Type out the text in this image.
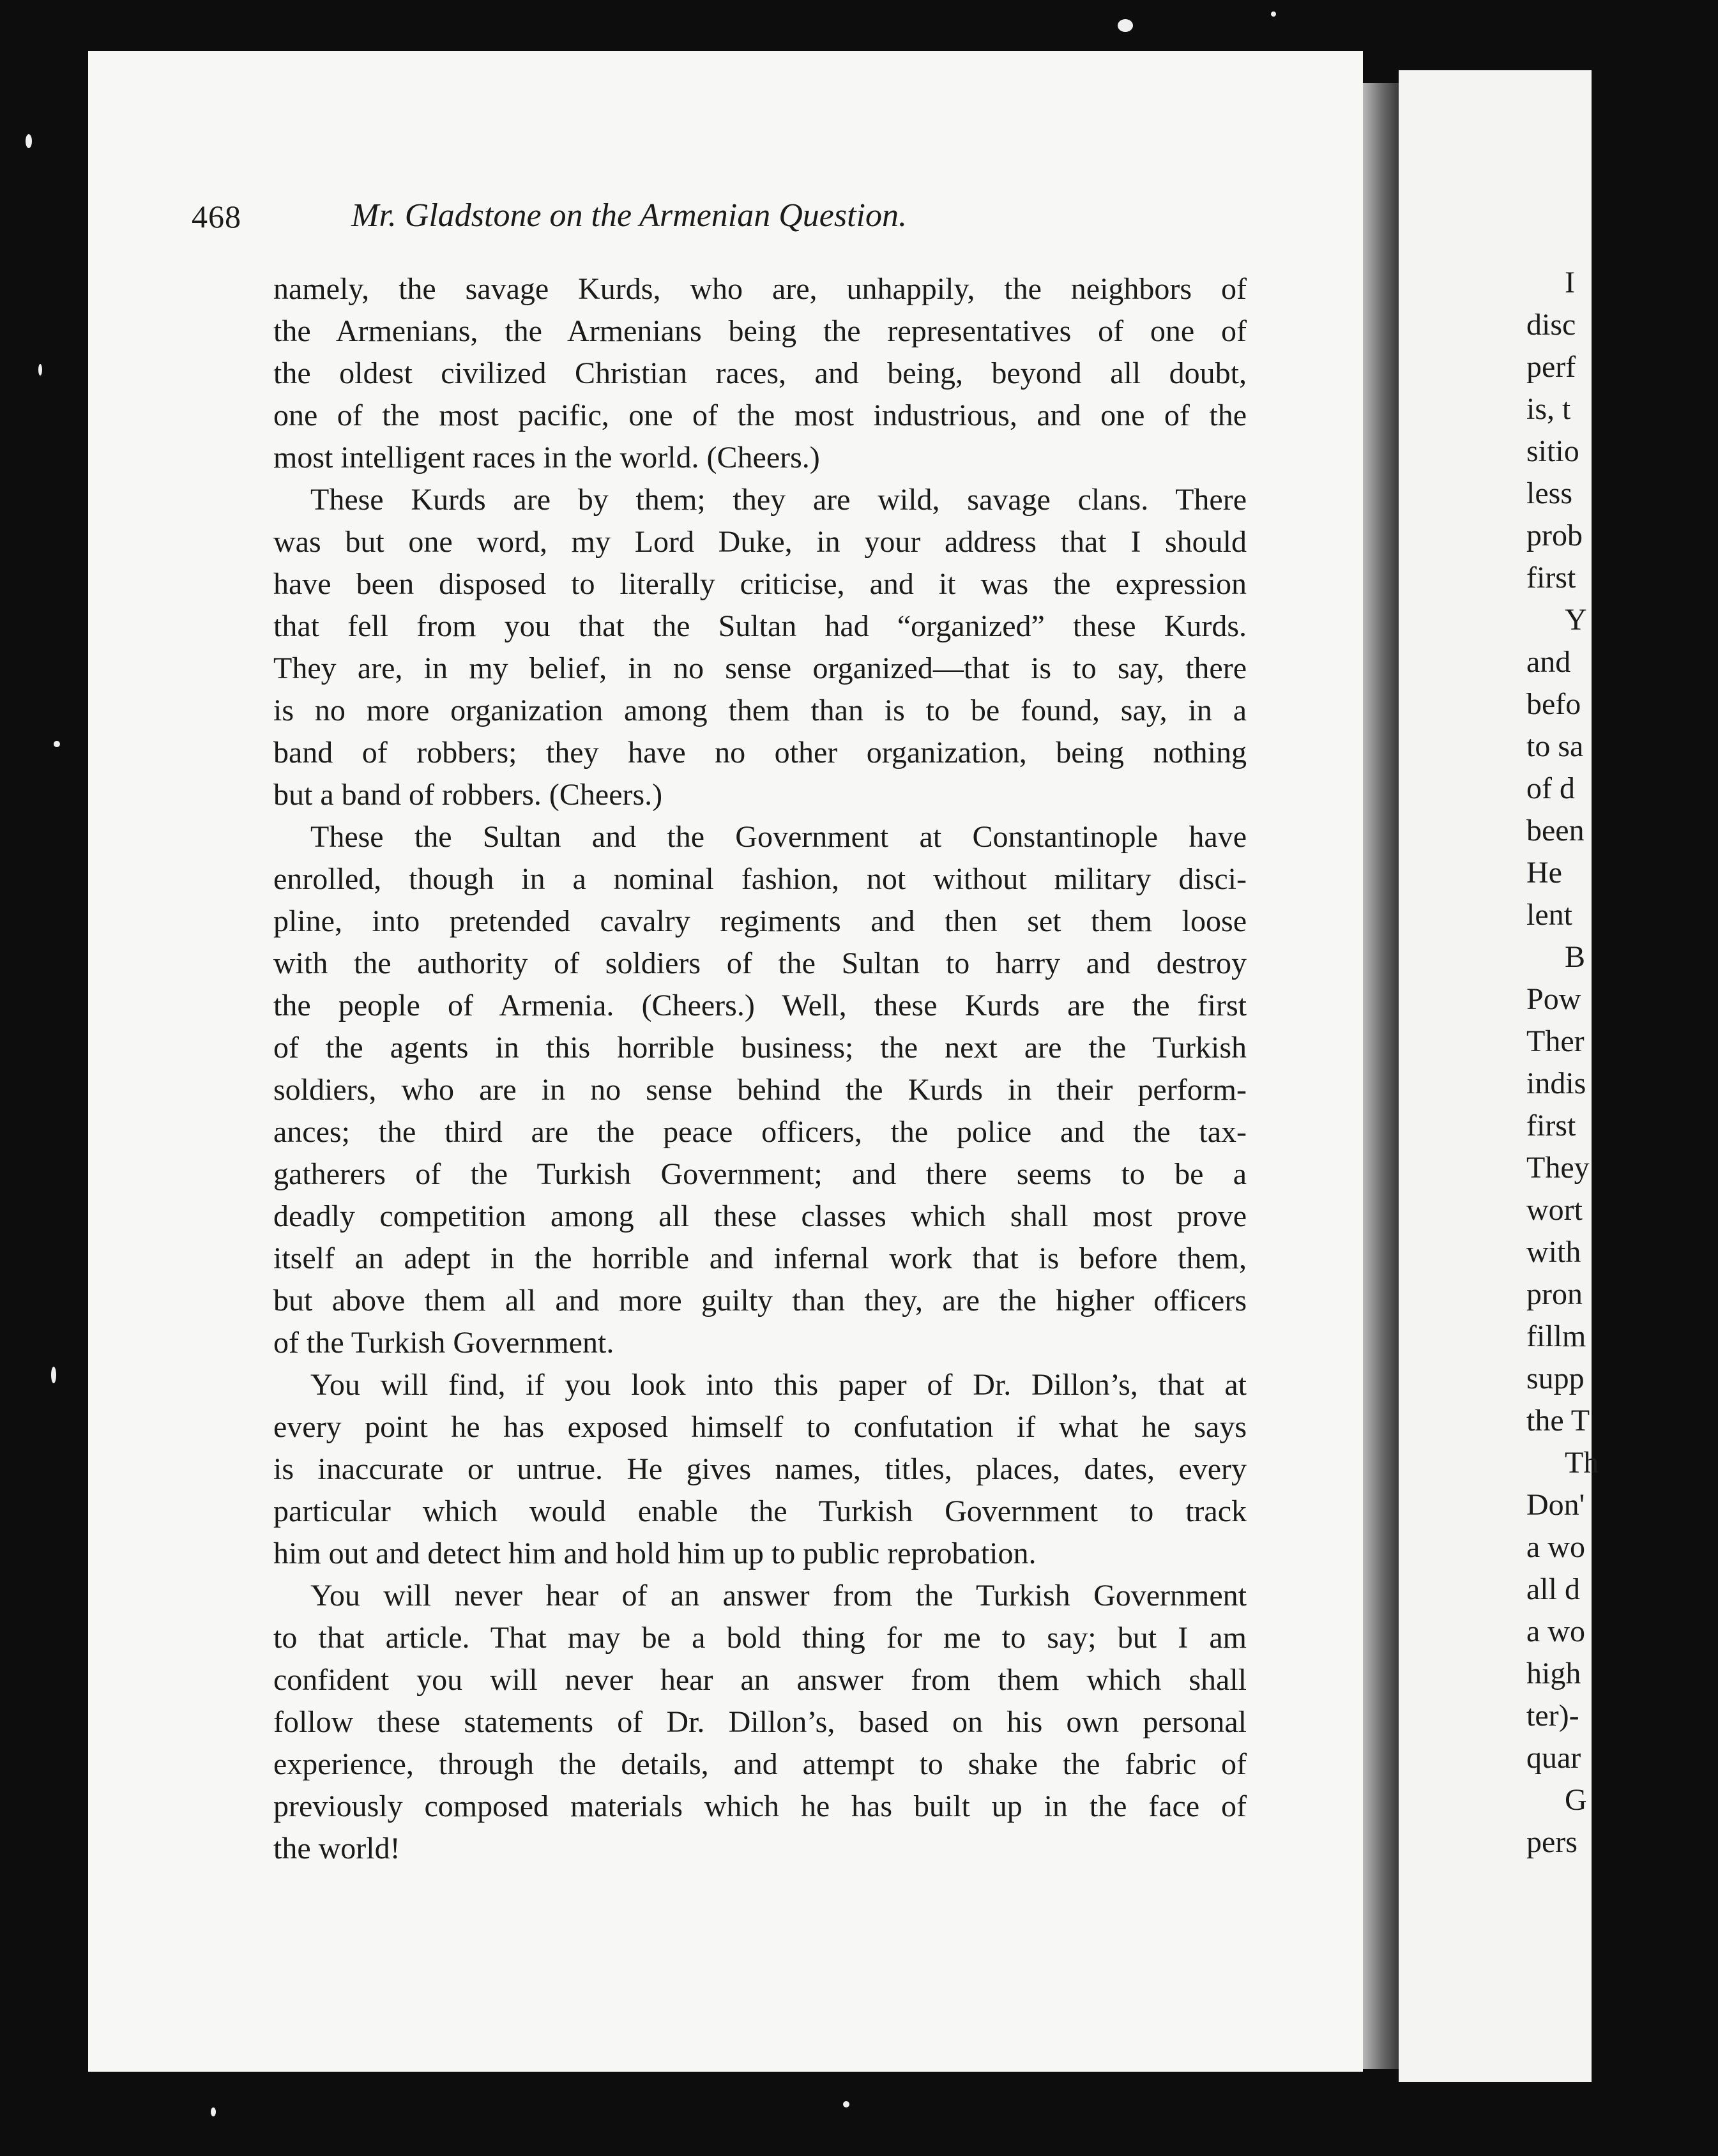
I
disc
perf
is, t
sitio
less
prob
first
Y
and
befo
to sa
of d
been
He
lent
B
Pow
Ther
indis
first
They
wort
with
pron
fillm
supp
the T
Th
Don'
a wo
all d
a wo
high
ter)-
quar
G
pers
468	Mr. Gladstone on the Armenian Question.
namely, the savage Kurds, who are, unhappily, the neighbors of
the Armenians, the Armenians being the representatives of one of
the oldest civilized Christian races, and being, beyond all doubt,
one of the most pacific, one of the most industrious, and one of the
most intelligent races in the world. (Cheers.)
These Kurds are by them; they are wild, savage clans. There
was but one word, my Lord Duke, in your address that I should
have been disposed to literally criticise, and it was the expression
that fell from you that the Sultan had “organized” these Kurds.
They are, in my belief, in no sense organized—that is to say, there
is no more organization among them than is to be found, say, in a
band of robbers; they have no other organization, being nothing
but a band of robbers. (Cheers.)
These the Sultan and the Government at Constantinople have
enrolled, though in a nominal fashion, not without military disci-
pline, into pretended cavalry regiments and then set them loose
with the authority of soldiers of the Sultan to harry and destroy
the people of Armenia. (Cheers.) Well, these Kurds are the first
of the agents in this horrible business; the next are the Turkish
soldiers, who are in no sense behind the Kurds in their perform-
ances; the third are the peace officers, the police and the tax-
gatherers of the Turkish Government; and there seems to be a
deadly competition among all these classes which shall most prove
itself an adept in the horrible and infernal work that is before them,
but above them all and more guilty than they, are the higher officers
of the Turkish Government.
You will find, if you look into this paper of Dr. Dillon’s, that at
every point he has exposed himself to confutation if what he says
is inaccurate or untrue. He gives names, titles, places, dates, every
particular which would enable the Turkish Government to track
him out and detect him and hold him up to public reprobation.
You will never hear of an answer from the Turkish Government
to that article. That may be a bold thing for me to say; but I am
confident you will never hear an answer from them which shall
follow these statements of Dr. Dillon’s, based on his own personal
experience, through the details, and attempt to shake the fabric of
previously composed materials which he has built up in the face of
the world!
